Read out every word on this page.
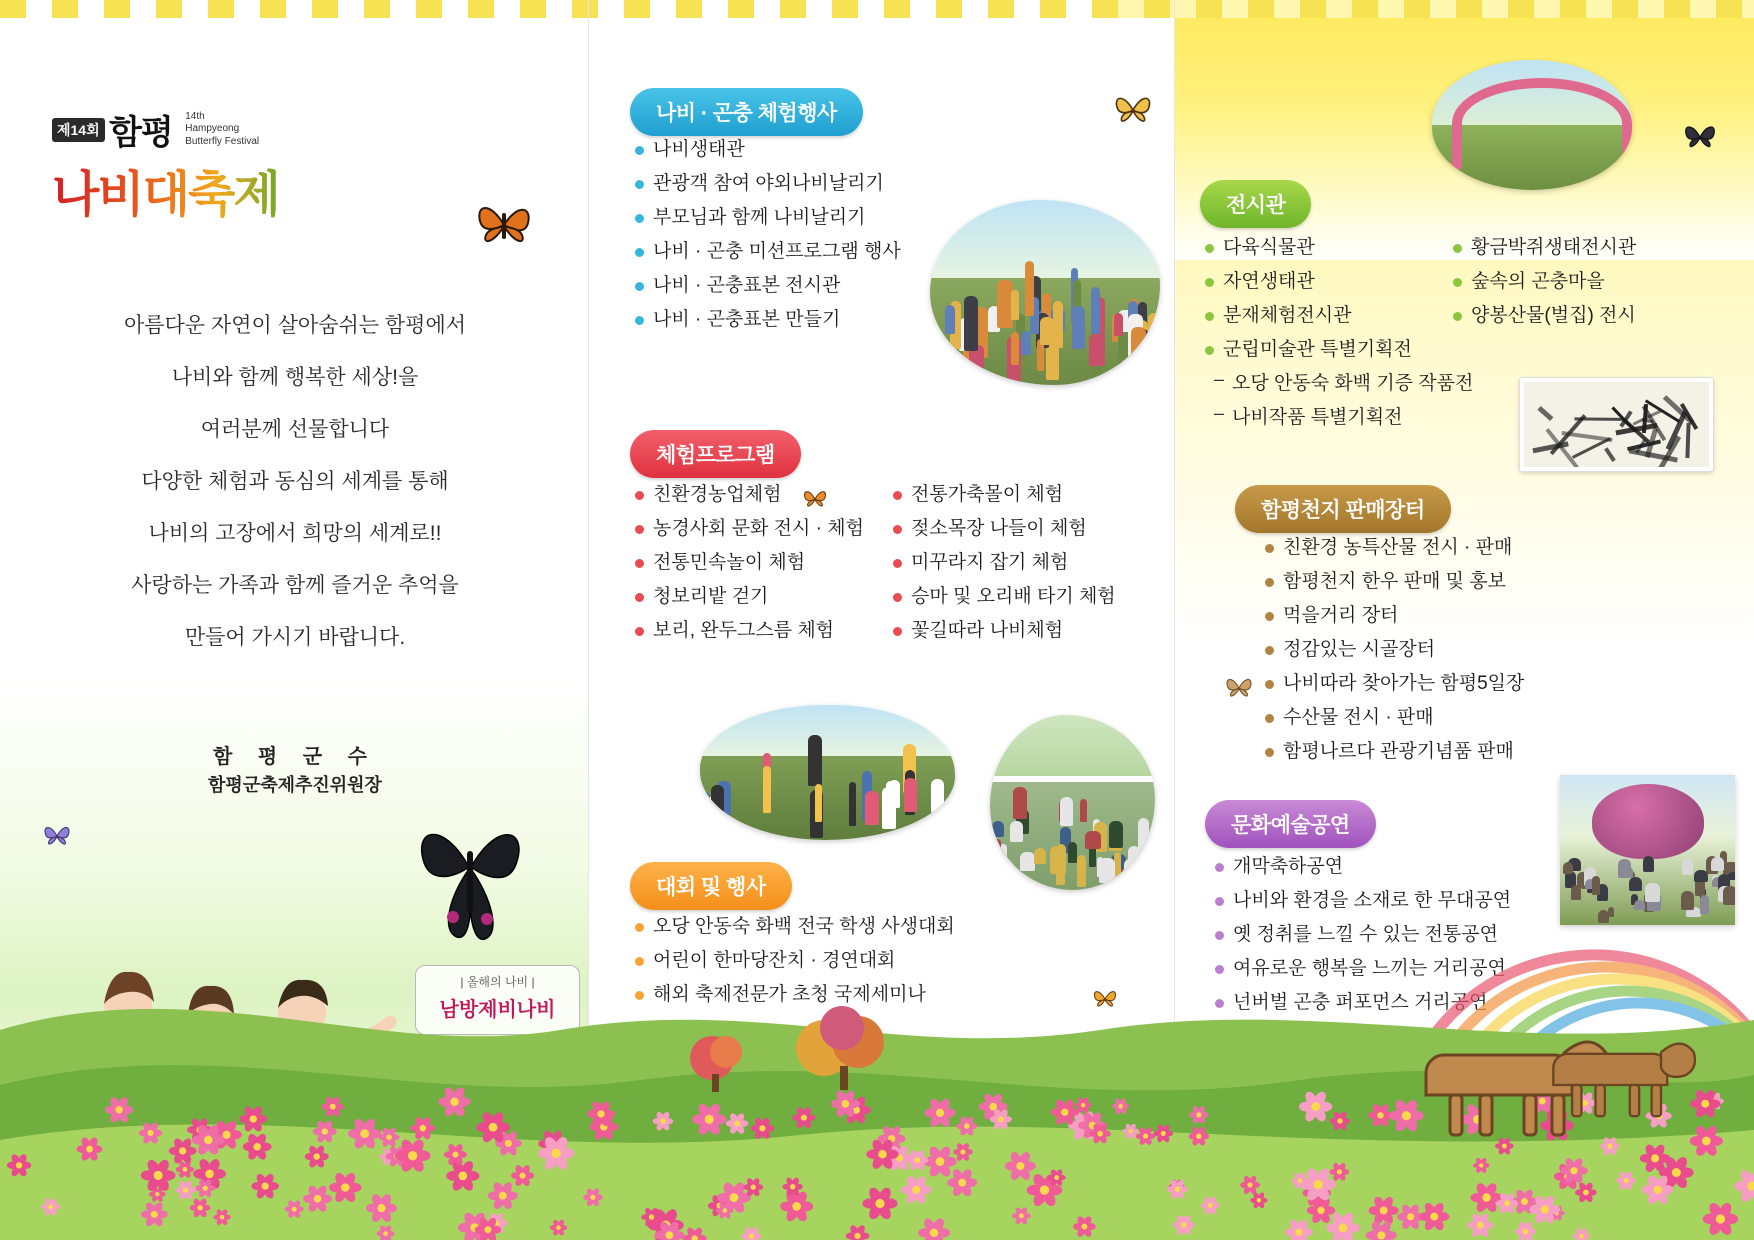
제14회 함평 14th
Hampyeong
Butterfly Festival
나비대축제
아름다운 자연이 살아숨쉬는 함평에서
나비와 함께 행복한 세상!을
여러분께 선물합니다
다양한 체험과 동심의 세계를 통해
나비의 고장에서 희망의 세계로!!
사랑하는 가족과 함께 즐거운 추억을
만들어 가시기 바랍니다.
함 평 군 수
함평군축제추진위원장
| 올해의 나비 |
남방제비나비
나비 · 곤충 체험행사
나비생태관
관광객 참여 야외나비날리기
부모님과 함께 나비날리기
나비 · 곤충 미션프로그램 행사
나비 · 곤충표본 전시관
나비 · 곤충표본 만들기
체험프로그램
친환경농업체험
농경사회 문화 전시 · 체험
전통민속놀이 체험
청보리밭 걷기
보리, 완두그스름 체험
전통가축몰이 체험
젖소목장 나들이 체험
미꾸라지 잡기 체험
승마 및 오리배 타기 체험
꽃길따라 나비체험
대회 및 행사
오당 안동숙 화백 전국 학생 사생대회
어린이 한마당잔치 · 경연대회
해외 축제전문가 초청 국제세미나
전시관
다육식물관
자연생태관
분재체험전시관
군립미술관 특별기획전
– 오당 안동숙 화백 기증 작품전
– 나비작품 특별기획전
황금박쥐생태전시관
숲속의 곤충마을
양봉산물(벌집) 전시
함평천지 판매장터
친환경 농특산물 전시 · 판매
함평천지 한우 판매 및 홍보
먹을거리 장터
정감있는 시골장터
나비따라 찾아가는 함평5일장
수산물 전시 · 판매
함평나르다 관광기념품 판매
문화예술공연
개막축하공연
나비와 환경을 소재로 한 무대공연
옛 정취를 느낄 수 있는 전통공연
여유로운 행복을 느끼는 거리공연
넌버벌 곤충 퍼포먼스 거리공연
